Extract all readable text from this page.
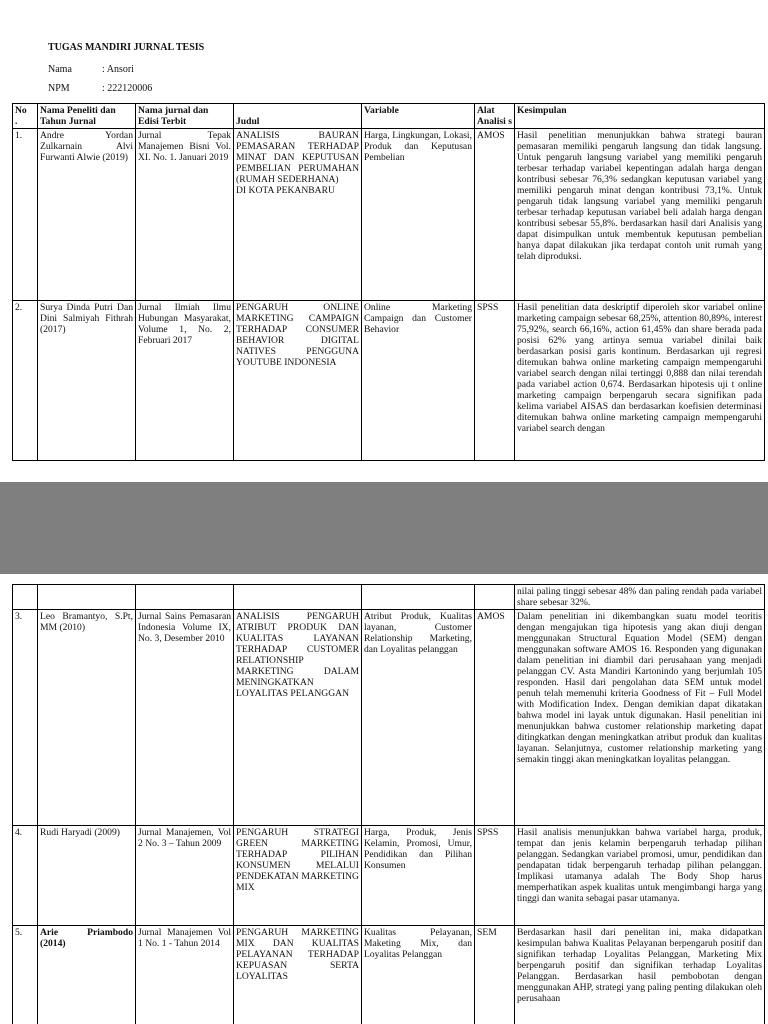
TUGAS MANDIRI JURNAL TESIS
Nama	: Ansori
NPM	: 222120006
No
.	Nama Peneliti dan Tahun Jurnal	Nama jurnal dan Edisi Terbit	Judul	Variable	Alat Analisi s	Kesimpulan
1.	Andre Yordan Zulkarnain Alvi Furwanti Alwie (2019)	Jurnal Tepak Manajemen Bisni Vol. XI. No. 1. Januari 2019	ANALISIS BAURAN PEMASARAN TERHADAP MINAT DAN KEPUTUSAN PEMBELIAN PERUMAHAN (RUMAH SEDERHANA)
DI KOTA PEKANBARU	Harga, Lingkungan, Lokasi, Produk dan Keputusan Pembelian	AMOS	Hasil penelitian menunjukkan bahwa strategi bauran pemasaran memiliki pengaruh langsung dan tidak langsung. Untuk pengaruh langsung variabel yang memiliki pengaruh terbesar terhadap variabel kepentingan adalah harga dengan kontribusi sebesar 76,3% sedangkan keputusan variabel yang memiliki pengaruh minat dengan kontribusi 73,1%. Untuk pengaruh tidak langsung variabel yang memiliki pengaruh terbesar terhadap keputusan variabel beli adalah harga dengan kontribusi sebesar 55,8%. berdasarkan hasil dari Analisis yang dapat disimpulkan untuk membentuk keputusan pembelian hanya dapat dilakukan jika terdapat contoh unit rumah yang telah diproduksi.
2.	Surya Dinda Putri Dan Dini Salmiyah Fithrah (2017)	Jurnal Ilmiah Ilmu Hubungan Masyarakat, Volume 1, No. 2, Februari 2017	PENGARUH ONLINE MARKETING CAMPAIGN TERHADAP CONSUMER BEHAVIOR DIGITAL NATIVES PENGGUNA YOUTUBE INDONESIA	Online Marketing Campaign dan Customer Behavior	SPSS	Hasil penelitian data deskriptif diperoleh skor variabel online marketing campaign sebesar 68,25%, attention 80,89%, interest 75,92%, search 66,16%, action 61,45% dan share berada pada posisi 62% yang artinya semua variabel dinilai baik berdasarkan posisi garis kontinum. Berdasarkan uji regresi ditemukan bahwa online marketing campaign mempengaruhi variabel search dengan nilai tertinggi 0,888 dan nilai terendah pada variabel action 0,674. Berdasarkan hipotesis uji t online marketing campaign berpengaruh secara signifikan pada kelima variabel AISAS dan berdasarkan koefisien determinasi ditemukan bahwa online marketing campaign mempengaruhi variabel search dengan
						nilai paling tinggi sebesar 48% dan paling rendah pada variabel share sebesar 32%.
3.	Leo Bramantyo, S.Pt, MM (2010)	Jurnal Sains Pemasaran Indonesia Volume IX, No. 3, Desember 2010	ANALISIS PENGARUH ATRIBUT PRODUK DAN KUALITAS LAYANAN TERHADAP CUSTOMER RELATIONSHIP MARKETING DALAM MENINGKATKAN LOYALITAS PELANGGAN	Atribut Produk, Kualitas layanan, Customer Relationship Marketing, dan Loyalitas pelanggan	AMOS	Dalam penelitian ini dikembangkan suatu model teoritis dengan mengajukan tiga hipotesis yang akan diuji dengan menggunakan Structural Equation Model (SEM) dengan menggunakan software AMOS 16. Responden yang digunakan dalam penelitian ini diambil dari perusahaan yang menjadi pelanggan CV. Asta Mandiri Kartonindo yang berjumlah 105 responden. Hasil dari pengolahan data SEM untuk model penuh telah memenuhi kriteria Goodness of Fit – Full Model with Modification Index. Dengan demikian dapat dikatakan bahwa model ini layak untuk digunakan. Hasil penelitian ini menunjukkan bahwa customer relationship marketing dapat ditingkatkan dengan meningkatkan atribut produk dan kualitas layanan. Selanjutnya, customer relationship marketing yang semakin tinggi akan meningkatkan loyalitas pelanggan.
4.	Rudi Haryadi (2009)	Jurnal Manajemen, Vol 2 No. 3 – Tahun 2009	PENGARUH STRATEGI GREEN MARKETING TERHADAP PILIHAN KONSUMEN MELALUI PENDEKATAN MARKETING MIX	Harga, Produk, Jenis Kelamin, Promosi, Umur, Pendidikan dan Pilihan Konsumen	SPSS	Hasil analisis menunjukkan bahwa variabel harga, produk, tempat dan jenis kelamin berpengaruh terhadap pilihan pelanggan. Sedangkan variabel promosi, umur, pendidikan dan pendapatan tidak berpengaruh terhadap pilihan pelanggan. Implikasi utamanya adalah The Body Shop harus memperhatikan aspek kualitas untuk mengimbangi harga yang tinggi dan wanita sebagai pasar utamanya.
5.	Arie Priambodo (2014)	Jurnal Manajemen Vol 1 No. 1 - Tahun 2014	PENGARUH MARKETING MIX DAN KUALITAS PELAYANAN TERHADAP KEPUASAN SERTA LOYALITAS	Kualitas Pelayanan, Maketing Mix, dan Loyalitas Pelanggan	SEM	Berdasarkan hasil dari penelitan ini, maka didapatkan kesimpulan bahwa Kualitas Pelayanan berpengaruh positif dan signifikan terhadap Loyalitas Pelanggan, Marketing Mix berpengaruh positif dan signifikan terhadap Loyalitas Pelanggan. Berdasarkan hasil pembobotan dengan menggunakan AHP, strategi yang paling penting dilakukan oleh perusahaan
